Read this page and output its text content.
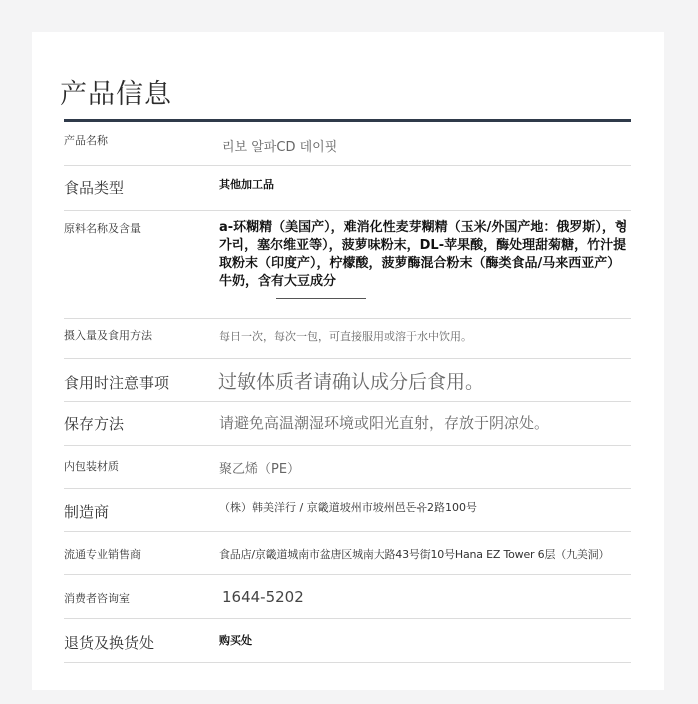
产品信息
产品名称	리보 알파CD 데이핏
食品类型	其他加工品
原料名称及含量	a-环糊精（美国产），难消化性麦芽糊精（玉米/外国产地：俄罗斯），형가리，塞尔维亚等），菠萝味粉末，DL-苹果酸，酶处理甜菊糖，竹汁提取粉末（印度产），柠檬酸，菠萝酶混合粉末（酶类食品/马来西亚产）牛奶，含有大豆成分
摄入量及食用方法	每日一次，每次一包，可直接服用或溶于水中饮用。
食用时注意事项	过敏体质者请确认成分后食用。
保存方法	请避免高温潮湿环境或阳光直射，存放于阴凉处。
内包装材质	聚乙烯（PE）
制造商	（株）韩美洋行 / 京畿道坡州市坡州邑돈유2路100号
流通专业销售商	食品店/京畿道城南市盆唐区城南大路43号街10号Hana EZ Tower 6层（九美洞）
消费者咨询室	1644-5202
退货及换货处	购买处
